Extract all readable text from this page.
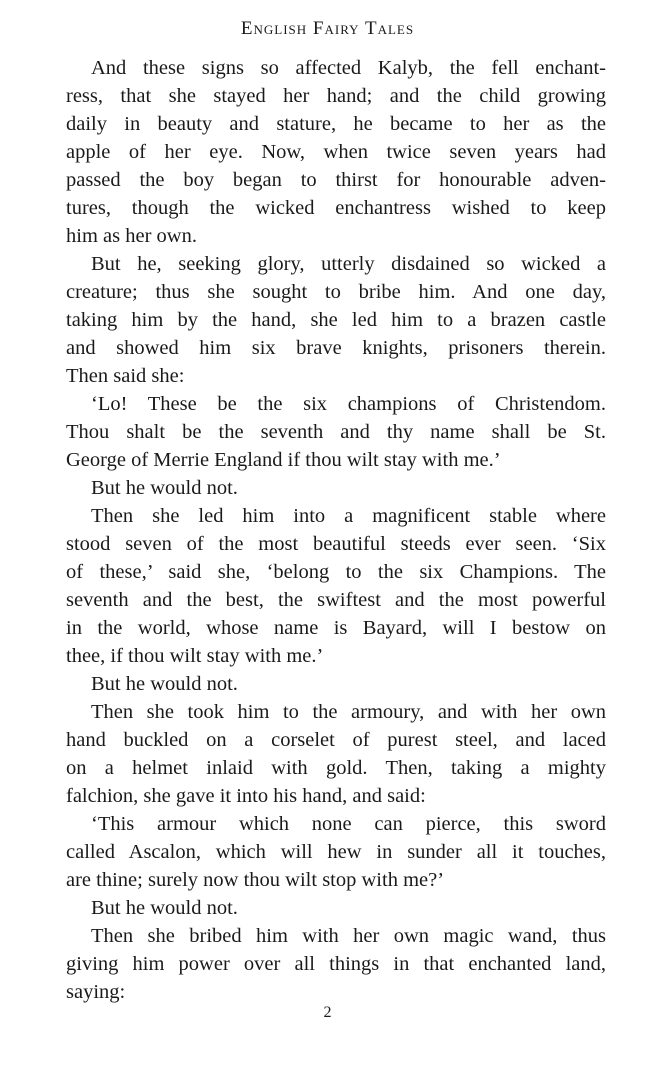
English Fairy Tales
And these signs so affected Kalyb, the fell enchant-
ress, that she stayed her hand; and the child growing
daily in beauty and stature, he became to her as the
apple of her eye. Now, when twice seven years had
passed the boy began to thirst for honourable adven-
tures, though the wicked enchantress wished to keep
him as her own.
But he, seeking glory, utterly disdained so wicked a
creature; thus she sought to bribe him. And one day,
taking him by the hand, she led him to a brazen castle
and showed him six brave knights, prisoners therein.
Then said she:
‘Lo! These be the six champions of Christendom.
Thou shalt be the seventh and thy name shall be St.
George of Merrie England if thou wilt stay with me.’
But he would not.
Then she led him into a magnificent stable where
stood seven of the most beautiful steeds ever seen. ‘Six
of these,’ said she, ‘belong to the six Champions. The
seventh and the best, the swiftest and the most powerful
in the world, whose name is Bayard, will I bestow on
thee, if thou wilt stay with me.’
But he would not.
Then she took him to the armoury, and with her own
hand buckled on a corselet of purest steel, and laced
on a helmet inlaid with gold. Then, taking a mighty
falchion, she gave it into his hand, and said:
‘This armour which none can pierce, this sword
called Ascalon, which will hew in sunder all it touches,
are thine; surely now thou wilt stop with me?’
But he would not.
Then she bribed him with her own magic wand, thus
giving him power over all things in that enchanted land,
saying:
2
